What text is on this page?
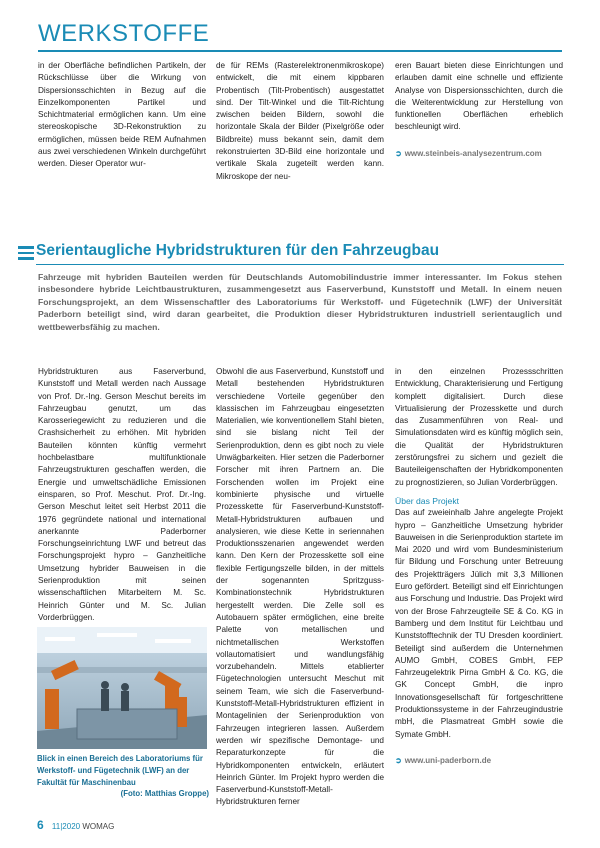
WERKSTOFFE

in der Oberfläche befindlichen Partikeln, der Rückschlüsse über die Wirkung von Dispersionsschichten in Bezug auf die Einzelkomponenten Partikel und Schichtmaterial ermöglichen kann. Um eine stereoskopische 3D-Rekonstruktion zu ermöglichen, müssen beide REM Aufnahmen aus zwei verschiedenen Winkeln durchgeführt werden. Dieser Operator wur-

de für REMs (Rasterelektronenmikroskope) entwickelt, die mit einem kippbaren Probentisch (Tilt-Probentisch) ausgestattet sind. Der Tilt-Winkel und die Tilt-Richtung zwischen beiden Bildern, sowohl die horizontale Skala der Bilder (Pixelgröße oder Bildbreite) muss bekannt sein, damit dem rekonstruierten 3D-Bild eine horizontale und vertikale Skala zugeteilt werden kann. Mikroskope der neu-

eren Bauart bieten diese Einrichtungen und erlauben damit eine schnelle und effiziente Analyse von Dispersionsschichten, durch die die Weiterentwicklung zur Herstellung von funktionellen Oberflächen erheblich beschleunigt wird.

➲ www.steinbeis-analysezentrum.com

Serientaugliche Hybridstrukturen für den Fahrzeugbau
Fahrzeuge mit hybriden Bauteilen werden für Deutschlands Automobilindustrie immer interessanter. Im Fokus stehen insbesondere hybride Leichtbaustrukturen, zusammengesetzt aus Faserverbund, Kunststoff und Metall. In einem neuen Forschungsprojekt, an dem Wissenschaftler des Laboratoriums für Werkstoff- und Fügetechnik (LWF) der Universität Paderborn beteiligt sind, wird daran gearbeitet, die Produktion dieser Hybridstrukturen industriell serientauglich und wettbewerbsfähig zu machen.

Hybridstrukturen aus Faserverbund, Kunststoff und Metall werden nach Aussage von Prof. Dr.-Ing. Gerson Meschut bereits im Fahrzeugbau genutzt, um das Karosseriegewicht zu reduzieren und die Crashsicherheit zu erhöhen. Mit hybriden Bauteilen könnten künftig vermehrt hochbelastbare multifunktionale Fahrzeugstrukturen geschaffen werden, die Energie und umweltschädliche Emissionen einsparen, so Prof. Meschut. Prof. Dr.-Ing. Gerson Meschut leitet seit Herbst 2011 die 1976 gegründete national und international anerkannte Paderborner Forschungseinrichtung LWF und betreut das Forschungsprojekt hypro – Ganzheitliche Umsetzung hybrider Bauweisen in die Serienproduktion mit seinen wissenschaftlichen Mitarbeitern M. Sc. Heinrich Günter und M. Sc. Julian Vorderbrüggen.

Blick in einen Bereich des Laboratoriums für Werkstoff- und Fügetechnik (LWF) an der Fakultät für Maschinenbau
(Foto: Matthias Groppe)

Obwohl die aus Faserverbund, Kunststoff und Metall bestehenden Hybridstrukturen verschiedene Vorteile gegenüber den klassischen im Fahrzeugbau eingesetzten Materialien, wie konventionellem Stahl bieten, sind sie bislang nicht Teil der Serienproduktion, denn es gibt noch zu viele Unwägbarkeiten. Hier setzen die Paderborner Forscher mit ihren Partnern an. Die Forschenden wollen im Projekt eine kombinierte physische und virtuelle Prozesskette für Faserverbund-Kunststoff-Metall-Hybridstrukturen aufbauen und analysieren, wie diese Kette in seriennahen Produktionsszenarien angewendet werden kann. Den Kern der Prozesskette soll eine flexible Fertigungszelle bilden, in der mittels der sogenannten Spritzguss-Kombinationstechnik Hybridstrukturen hergestellt werden. Die Zelle soll es Autobauern später ermöglichen, eine breite Palette von metallischen und nichtmetallischen Werkstoffen vollautomatisiert und wandlungsfähig vorzubehandeln. Mittels etablierter Fügetechnologien untersucht Meschut mit seinem Team, wie sich die Faserverbund-Kunststoff-Metall-Hybridstrukturen effizient in Montagelinien der Serienproduktion von Fahrzeugen integrieren lassen. Außerdem werden wir spezifische Demontage- und Reparaturkonzepte für die Hybridkomponenten entwickeln, erläutert Heinrich Günter. Im Projekt hypro werden die Faserverbund-Kunststoff-Metall-Hybridstrukturen ferner

in den einzelnen Prozessschritten Entwicklung, Charakterisierung und Fertigung komplett digitalisiert. Durch diese Virtualisierung der Prozesskette und durch das Zusammenführen von Real- und Simulationsdaten wird es künftig möglich sein, die Qualität der Hybridstrukturen zerstörungsfrei zu sichern und gezielt die Bauteileigenschaften der Hybridkomponenten zu prognostizieren, so Julian Vorderbrüggen.

Über das Projekt

Das auf zweieinhalb Jahre angelegte Projekt hypro – Ganzheitliche Umsetzung hybrider Bauweisen in die Serienproduktion startete im Mai 2020 und wird vom Bundesministerium für Bildung und Forschung unter Betreuung des Projektträgers Jülich mit 3,3 Millionen Euro gefördert. Beteiligt sind elf Einrichtungen aus Forschung und Industrie. Das Projekt wird von der Brose Fahrzeugteile SE & Co. KG in Bamberg und dem Institut für Leichtbau und Kunststofftechnik der TU Dresden koordiniert. Beteiligt sind außerdem die Unternehmen AUMO GmbH, COBES GmbH, FEP Fahrzeugelektrik Pirna GmbH & Co. KG, die GK Concept GmbH, die inpro Innovationsgesellschaft für fortgeschrittene Produktionssysteme in der Fahrzeugindustrie mbH, die Plasmatreat GmbH sowie die Symate GmbH.

➲ www.uni-paderborn.de

6 11|2020 WOMAG
